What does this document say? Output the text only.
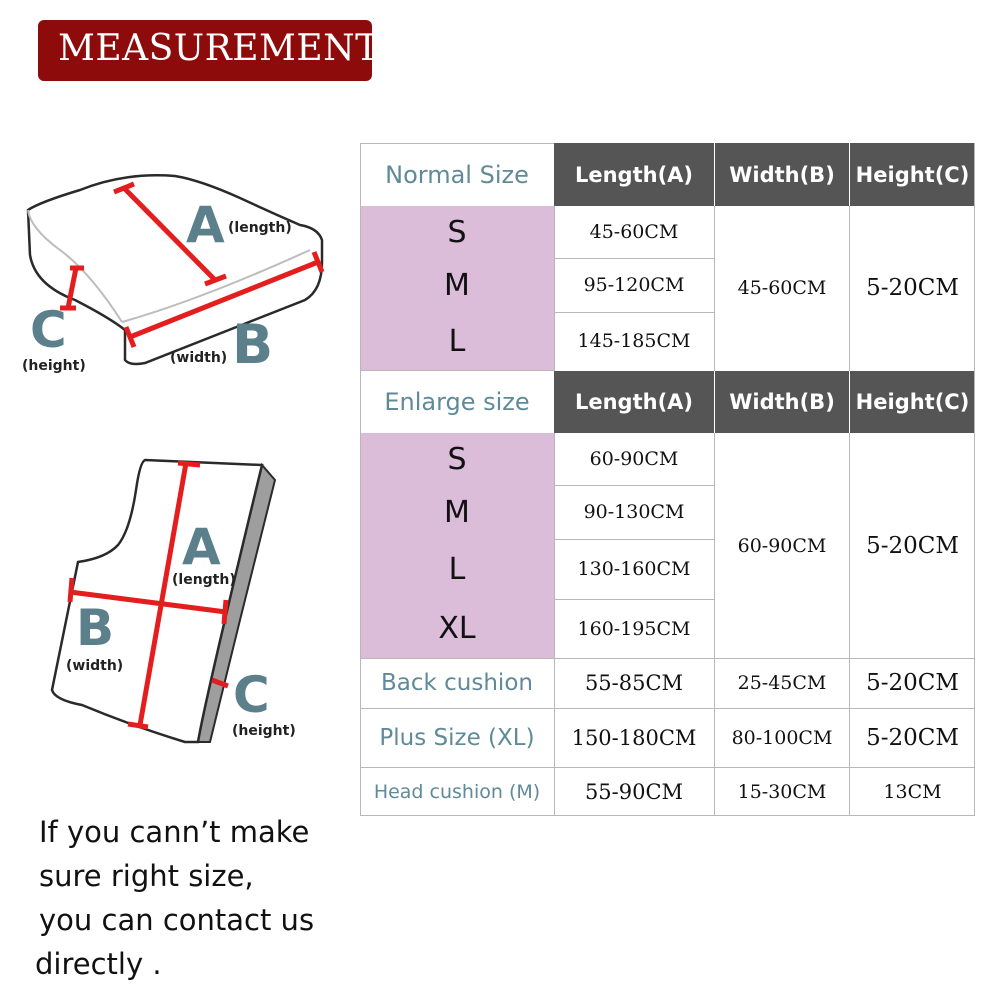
MEASUREMENT
A (length)
B
(width)
C
(height)
A
(length)
B
(width) C
(height)
Normal Size	Length(A)	Width(B) Height(C)
S	45-60CM
M	95-120CM
L	145-185CM
45-60CM	5-20CM
Enlarge size	Length(A)	Width(B) Height(C)
S	60-90CM
M	90-130CM
L	130-160CM
XL	160-195CM
60-90CM	5-20CM
Back cushion	55-85CM	25-45CM	5-20CM
Plus Size (XL)	150-180CM	80-100CM	5-20CM
Head cushion (M)	55-90CM	15-30CM	13CM
If you cann’t make
sure right size,
you can contact us
directly .
